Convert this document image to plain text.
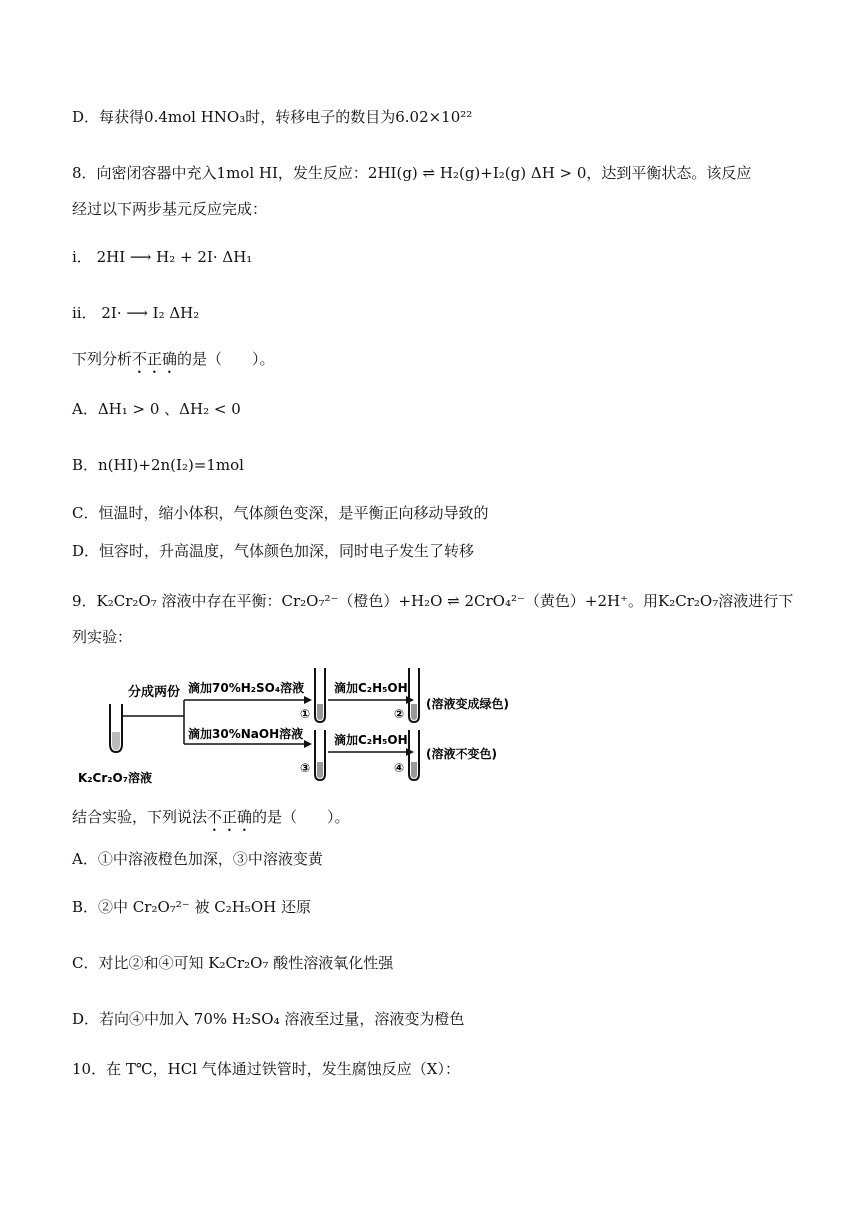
D．每获得0.4mol HNO₃时，转移电子的数目为6.02×10²²
8．向密闭容器中充入1mol HI，发生反应：2HI(g) ⇌ H₂(g)+I₂(g) ΔH > 0，达到平衡状态。该反应
经过以下两步基元反应完成：
i． 2HI ⟶ H₂ + 2I· ΔH₁
ii． 2I· ⟶ I₂ ΔH₂
下列分析不正确的是（　　）。
A．ΔH₁ > 0 、ΔH₂ < 0
B．n(HI)+2n(I₂)=1mol
C．恒温时，缩小体积，气体颜色变深，是平衡正向移动导致的
D．恒容时，升高温度，气体颜色加深，同时电子发生了转移
9．K₂Cr₂O₇ 溶液中存在平衡：Cr₂O₇²⁻（橙色）+H₂O ⇌ 2CrO₄²⁻（黄色）+2H⁺。用K₂Cr₂O₇溶液进行下
列实验：
K₂Cr₂O₇溶液
分成两份 滴加70%H₂SO₄溶液
滴加30%NaOH溶液
①
③
滴加C₂H₅OH
滴加C₂H₅OH
②
(溶液变成绿色)
④
(溶液不变色)
结合实验，下列说法不正确的是（　　）。
A．①中溶液橙色加深，③中溶液变黄
B．②中 Cr₂O₇²⁻ 被 C₂H₅OH 还原
C．对比②和④可知 K₂Cr₂O₇ 酸性溶液氧化性强
D．若向④中加入 70% H₂SO₄ 溶液至过量，溶液变为橙色
10．在 T℃，HCl 气体通过铁管时，发生腐蚀反应（X）：
